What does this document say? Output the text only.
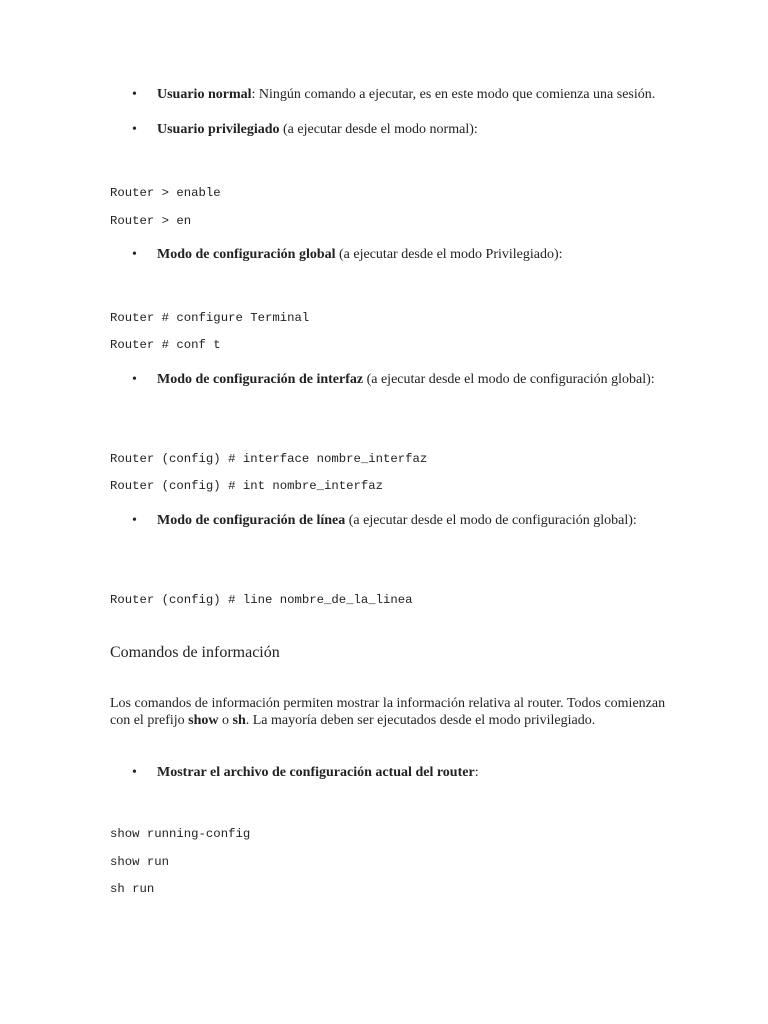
• Usuario normal: Ningún comando a ejecutar, es en este modo que comienza una sesión.
• Usuario privilegiado (a ejecutar desde el modo normal):
Router > enable
Router > en
• Modo de configuración global (a ejecutar desde el modo Privilegiado):
Router # configure Terminal
Router # conf t
• Modo de configuración de interfaz (a ejecutar desde el modo de configuración global):
Router (config) # interface nombre_interfaz
Router (config) # int nombre_interfaz
• Modo de configuración de línea (a ejecutar desde el modo de configuración global):
Router (config) # line nombre_de_la_linea
Comandos de información
Los comandos de información permiten mostrar la información relativa al router. Todos comienzan con el prefijo show o sh. La mayoría deben ser ejecutados desde el modo privilegiado.
• Mostrar el archivo de configuración actual del router:
show running-config
show run
sh run
